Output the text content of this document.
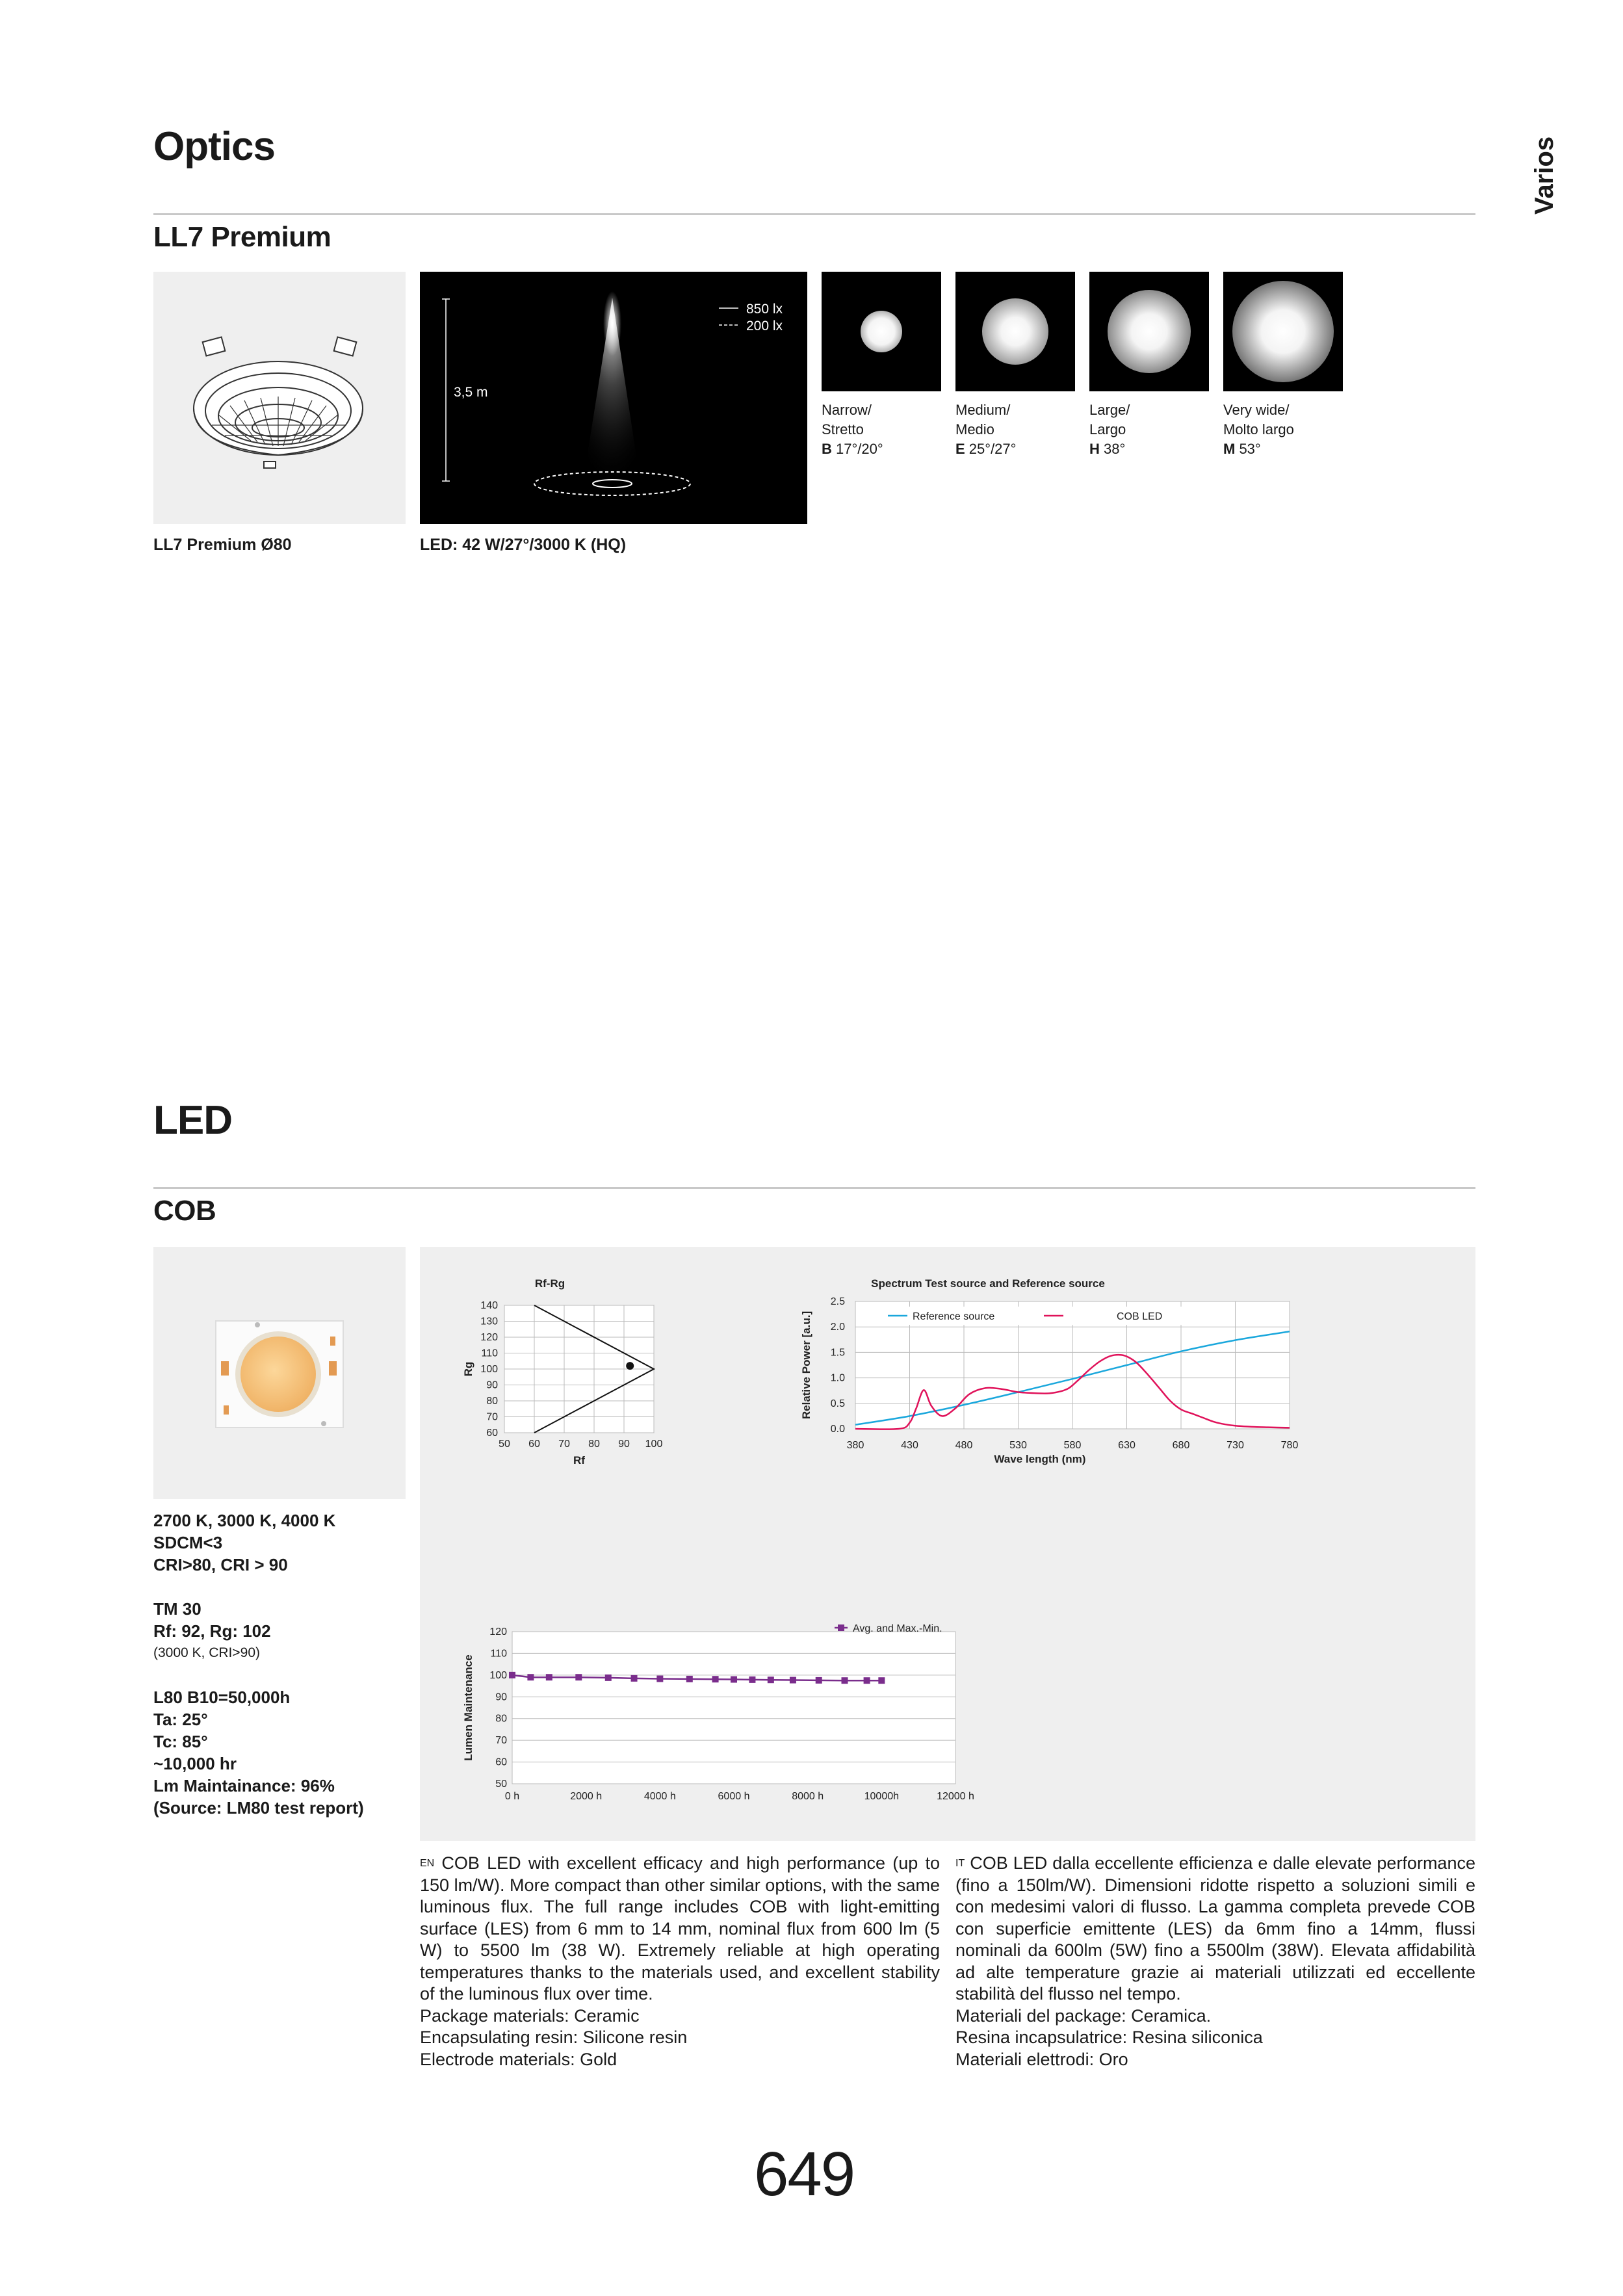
Varios
Optics
LL7 Premium
LL7 Premium Ø80
850 lx
200 lx
3,5 m
LED: 42 W/27°/3000 K (HQ)
Narrow/
Stretto
B 17°/20°
Medium/
Medio
E 25°/27°
Large/
Largo
H 38°
Very wide/
Molto largo
M 53°
LED
COB
2700 K, 3000 K, 4000 K
SDCM<3
CRI>80, CRI > 90
TM 30
Rf: 92, Rg: 102
(3000 K, CRI>90)
L80 B10=50,000h
Ta: 25°
Tc: 85°
~10,000 hr
Lm Maintainance: 96%
(Source: LM80 test report)
50 60 70 80 90 100
60
70
80
90
100
110
120
130
140
Rf-Rg
Rf
Rg
380	430	480	530	580	630	680	730	780
0.0
0.5
1.0
1.5
2.0
2.5
Reference source	COB LED
Spectrum Test source and Reference source
Wave length (nm)
Relative Power [a.u.]
50
60
70
80
90
100
110
120
0 h	2000 h	4000 h	6000 h	8000 h	10000h	12000 h
Avg. and Max.-Min.
Lumen Maintenance
$^{EN}$ COB LED with excellent efficacy and high performance (up to 150 lm/W). More compact than other similar options, with the same luminous flux. The full range includes COB with light-emitting surface (LES) from 6 mm to 14 mm, nominal flux from 600 lm (5 W) to 5500 lm (38 W). Extremely reliable at high operating temperatures thanks to the materials used, and excellent stability of the luminous flux over time.
Package materials: Ceramic
Encapsulating resin: Silicone resin
Electrode materials: Gold
$^{IT}$ COB LED dalla eccellente efficienza e dalle elevate performance (fino a 150lm/W). Dimensioni ridotte rispetto a soluzioni simili e con medesimi valori di flusso. La gamma completa prevede COB con superficie emittente (LES) da 6mm fino a 14mm, flussi nominali da 600lm (5W) fino a 5500lm (38W). Elevata affidabilità ad alte temperature grazie ai materiali utilizzati ed eccellente stabilità del flusso nel tempo.
Materiali del package: Ceramica.
Resina incapsulatrice: Resina siliconica
Materiali elettrodi: Oro
649
